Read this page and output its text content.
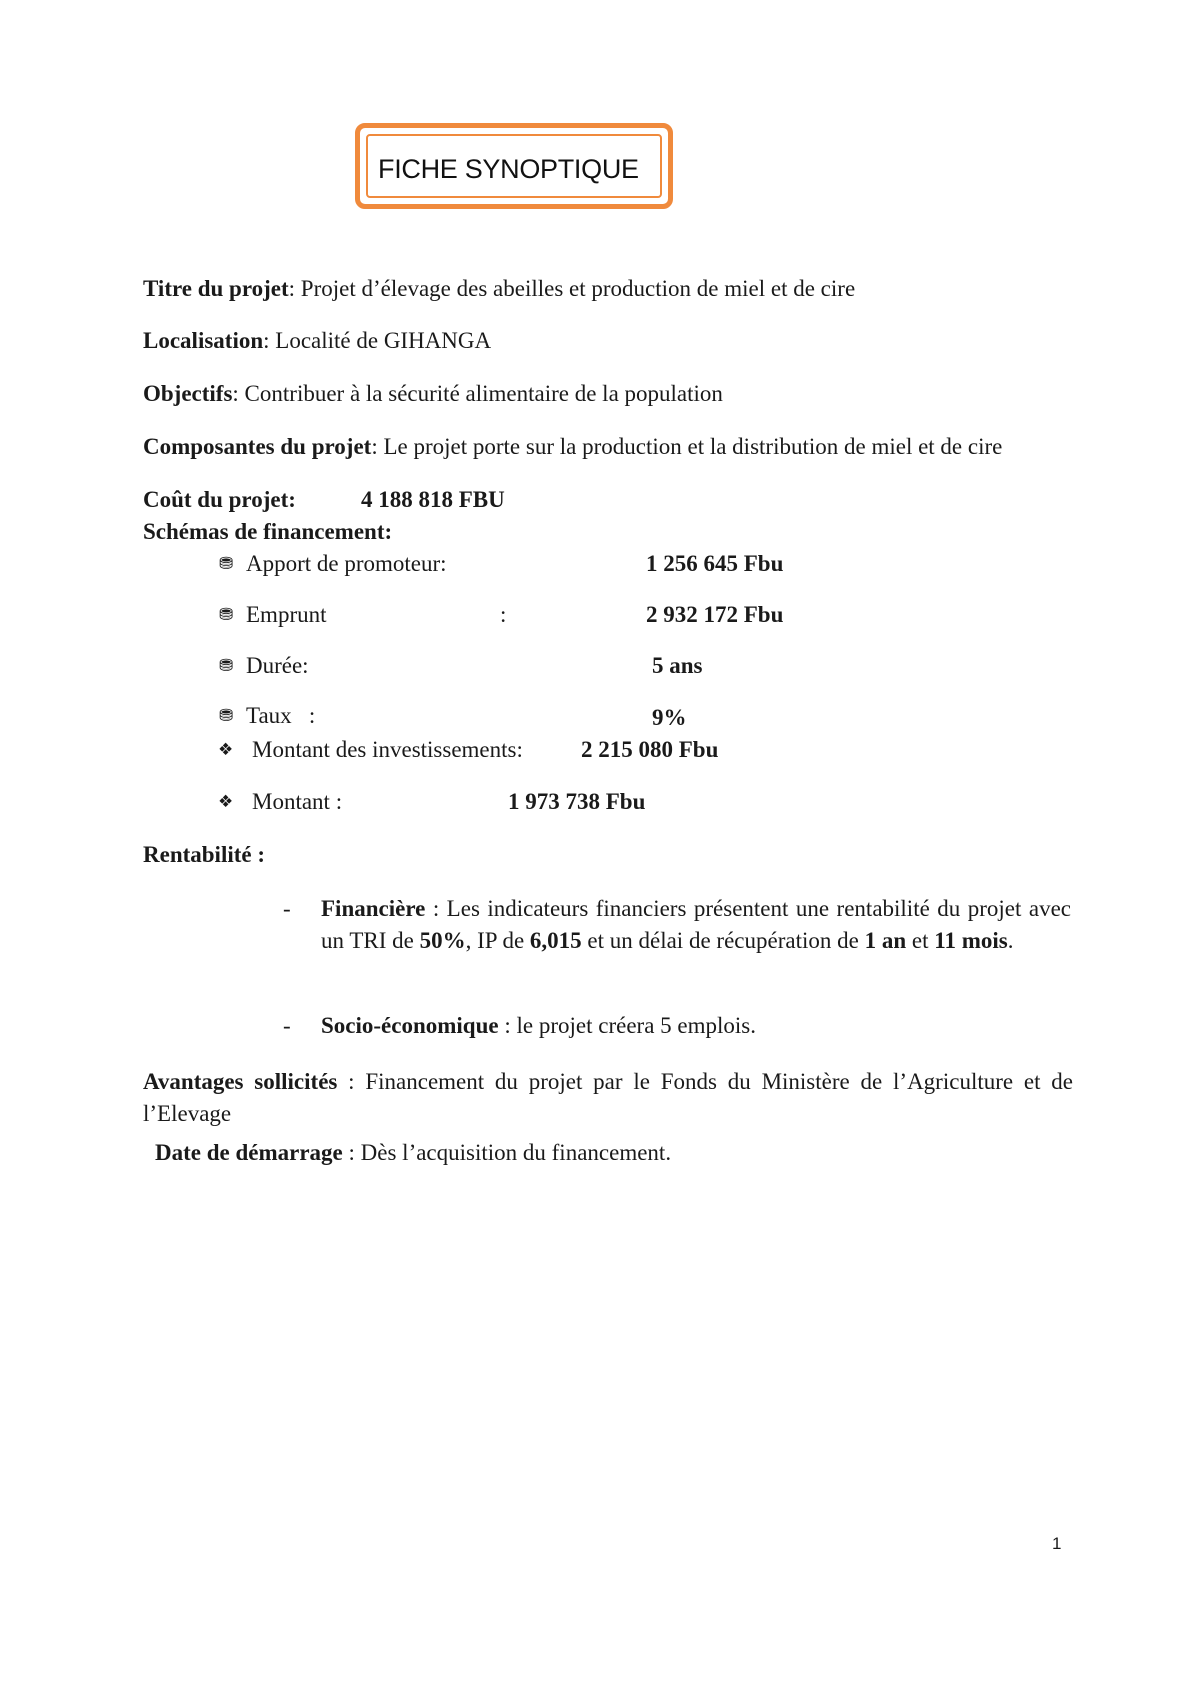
FICHE SYNOPTIQUE
Titre du projet: Projet d’élevage des abeilles et production de miel et de cire
Localisation: Localité de GIHANGA
Objectifs: Contribuer à la sécurité alimentaire de la population
Composantes du projet: Le projet porte sur la production et la distribution de miel et de cire
Coût du projet:	4 188 818 FBU
Schémas de financement:
⛃ Apport de promoteur:	1 256 645 Fbu
⛃ Emprunt	:	2 932 172 Fbu
⛃ Durée:	5 ans
⛃ Taux   :	9%
❖ Montant des investissements:	2 215 080 Fbu
❖ Montant :	1 973 738 Fbu
Rentabilité :
- Financière : Les indicateurs financiers présentent une rentabilité du projet avec un TRI de 50%, IP de 6,015 et un délai de récupération de 1 an et 11 mois.
- Socio-économique : le projet créera 5 emplois.
Avantages sollicités : Financement du projet par le Fonds du Ministère de l’Agriculture et de l’Elevage
Date de démarrage : Dès l’acquisition du financement.
1
